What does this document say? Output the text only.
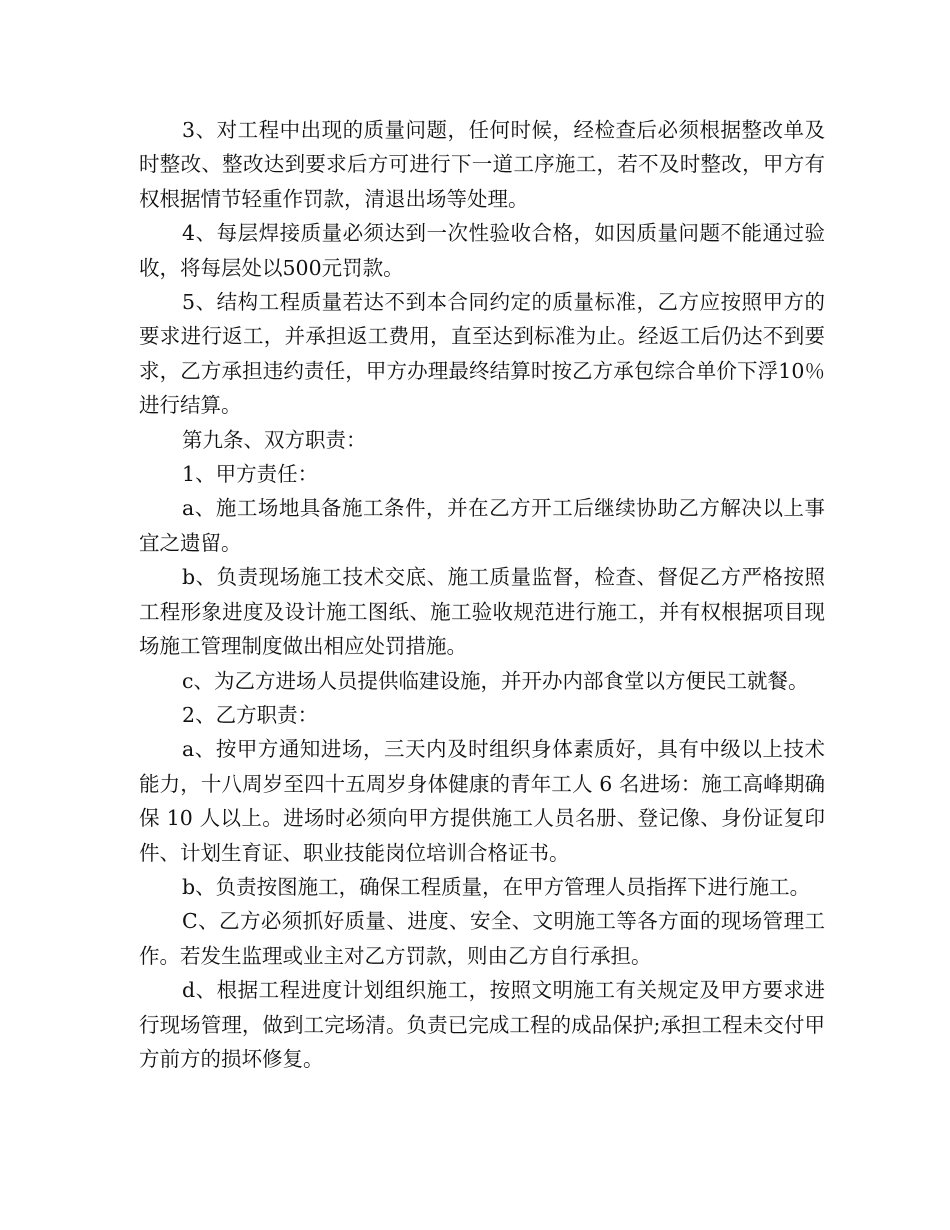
3、对工程中出现的质量问题，任何时候，经检查后必须根据整改单及时整改、整改达到要求后方可进行下一道工序施工，若不及时整改，甲方有权根据情节轻重作罚款，清退出场等处理。

4、每层焊接质量必须达到一次性验收合格，如因质量问题不能通过验收，将每层处以500元罚款。

5、结构工程质量若达不到本合同约定的质量标准，乙方应按照甲方的要求进行返工，并承担返工费用，直至达到标准为止。经返工后仍达不到要求，乙方承担违约责任，甲方办理最终结算时按乙方承包综合单价下浮10％进行结算。

第九条、双方职责：

1、甲方责任：

a、施工场地具备施工条件，并在乙方开工后继续协助乙方解决以上事宜之遗留。

b、负责现场施工技术交底、施工质量监督，检查、督促乙方严格按照工程形象进度及设计施工图纸、施工验收规范进行施工，并有权根据项目现场施工管理制度做出相应处罚措施。

c、为乙方进场人员提供临建设施，并开办内部食堂以方便民工就餐。

2、乙方职责：

a、按甲方通知进场，三天内及时组织身体素质好，具有中级以上技术能力，十八周岁至四十五周岁身体健康的青年工人 6 名进场：施工高峰期确保 10 人以上。进场时必须向甲方提供施工人员名册、登记像、身份证复印件、计划生育证、职业技能岗位培训合格证书。

b、负责按图施工，确保工程质量，在甲方管理人员指挥下进行施工。

C、乙方必须抓好质量、进度、安全、文明施工等各方面的现场管理工作。若发生监理或业主对乙方罚款，则由乙方自行承担。

d、根据工程进度计划组织施工，按照文明施工有关规定及甲方要求进行现场管理，做到工完场清。负责已完成工程的成品保护;承担工程未交付甲方前方的损坏修复。
